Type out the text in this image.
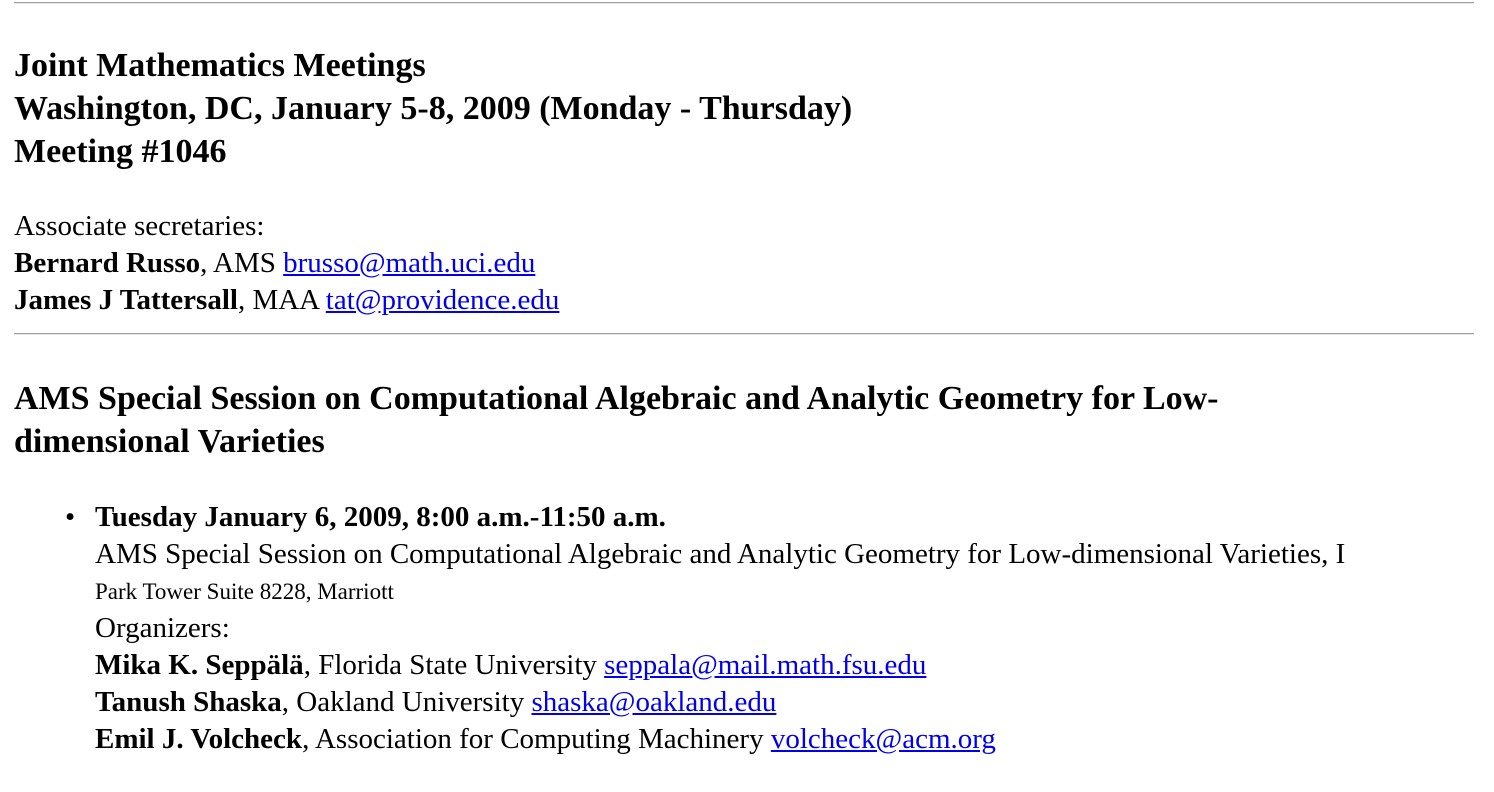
Joint Mathematics Meetings
Washington, DC, January 5-8, 2009 (Monday - Thursday)
Meeting #1046
Associate secretaries:
Bernard Russo, AMS brusso@math.uci.edu
James J Tattersall, MAA tat@providence.edu
AMS Special Session on Computational Algebraic and Analytic Geometry for Low-
dimensional Varieties
• Tuesday January 6, 2009, 8:00 a.m.-11:50 a.m.
AMS Special Session on Computational Algebraic and Analytic Geometry for Low-dimensional Varieties, I
Park Tower Suite 8228, Marriott
Organizers:
Mika K. Seppälä, Florida State University seppala@mail.math.fsu.edu
Tanush Shaska, Oakland University shaska@oakland.edu
Emil J. Volcheck, Association for Computing Machinery volcheck@acm.org
